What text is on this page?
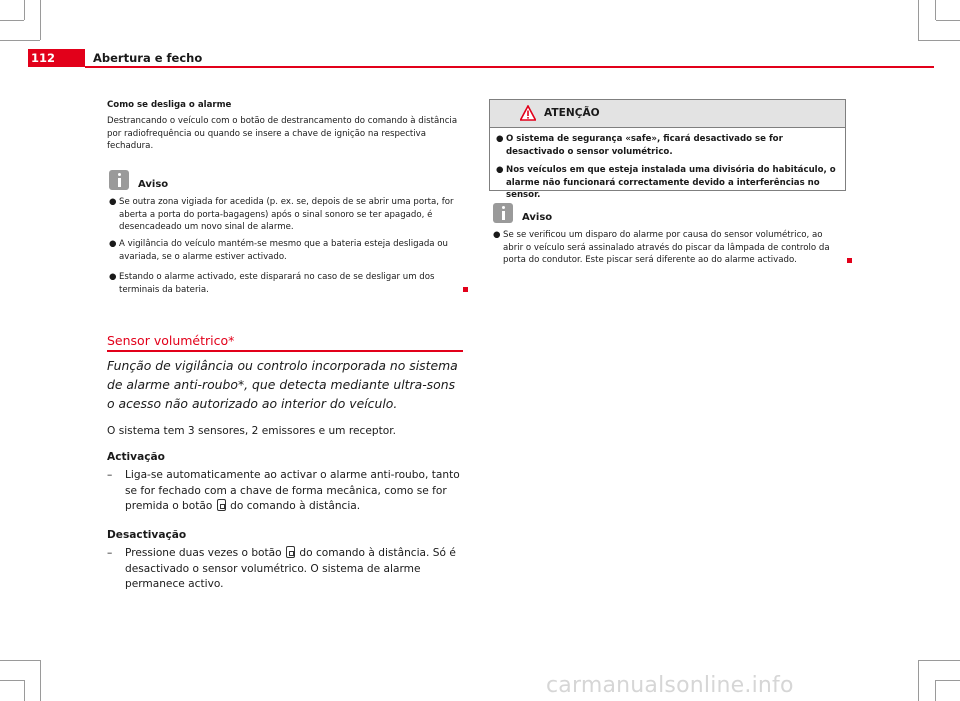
112	Abertura e fecho
Como se desliga o alarme
Destrancando o veículo com o botão de destrancamento do comando à distância por radiofrequência ou quando se insere a chave de ignição na respectiva fechadura.
Aviso
● Se outra zona vigiada for acedida (p. ex. se, depois de se abrir uma porta, for aberta a porta do porta-bagagens) após o sinal sonoro se ter apagado, é desencadeado um novo sinal de alarme.
● A vigilância do veículo mantém-se mesmo que a bateria esteja desligada ou avariada, se o alarme estiver activado.
● Estando o alarme activado, este disparará no caso de se desligar um dos terminais da bateria.
Sensor volumétrico*
Função de vigilância ou controlo incorporada no sistema de alarme anti-roubo*, que detecta mediante ultra-sons o acesso não autorizado ao interior do veículo.
O sistema tem 3 sensores, 2 emissores e um receptor.
Activação
–	Liga-se automaticamente ao activar o alarme anti-roubo, tanto se for fechado com a chave de forma mecânica, como se for premida o botão do comando à distância.
Desactivação
–	Pressione duas vezes o botão do comando à distância. Só é desactivado o sensor volumétrico. O sistema de alarme permanece activo.
ATENÇÃO
● O sistema de segurança «safe», ficará desactivado se for desactivado o sensor volumétrico.
● Nos veículos em que esteja instalada uma divisória do habitáculo, o alarme não funcionará correctamente devido a interferências no sensor.
Aviso
● Se se verificou um disparo do alarme por causa do sensor volumétrico, ao abrir o veículo será assinalado através do piscar da lâmpada de controlo da porta do condutor. Este piscar será diferente ao do alarme activado.
carmanualsonline.info
